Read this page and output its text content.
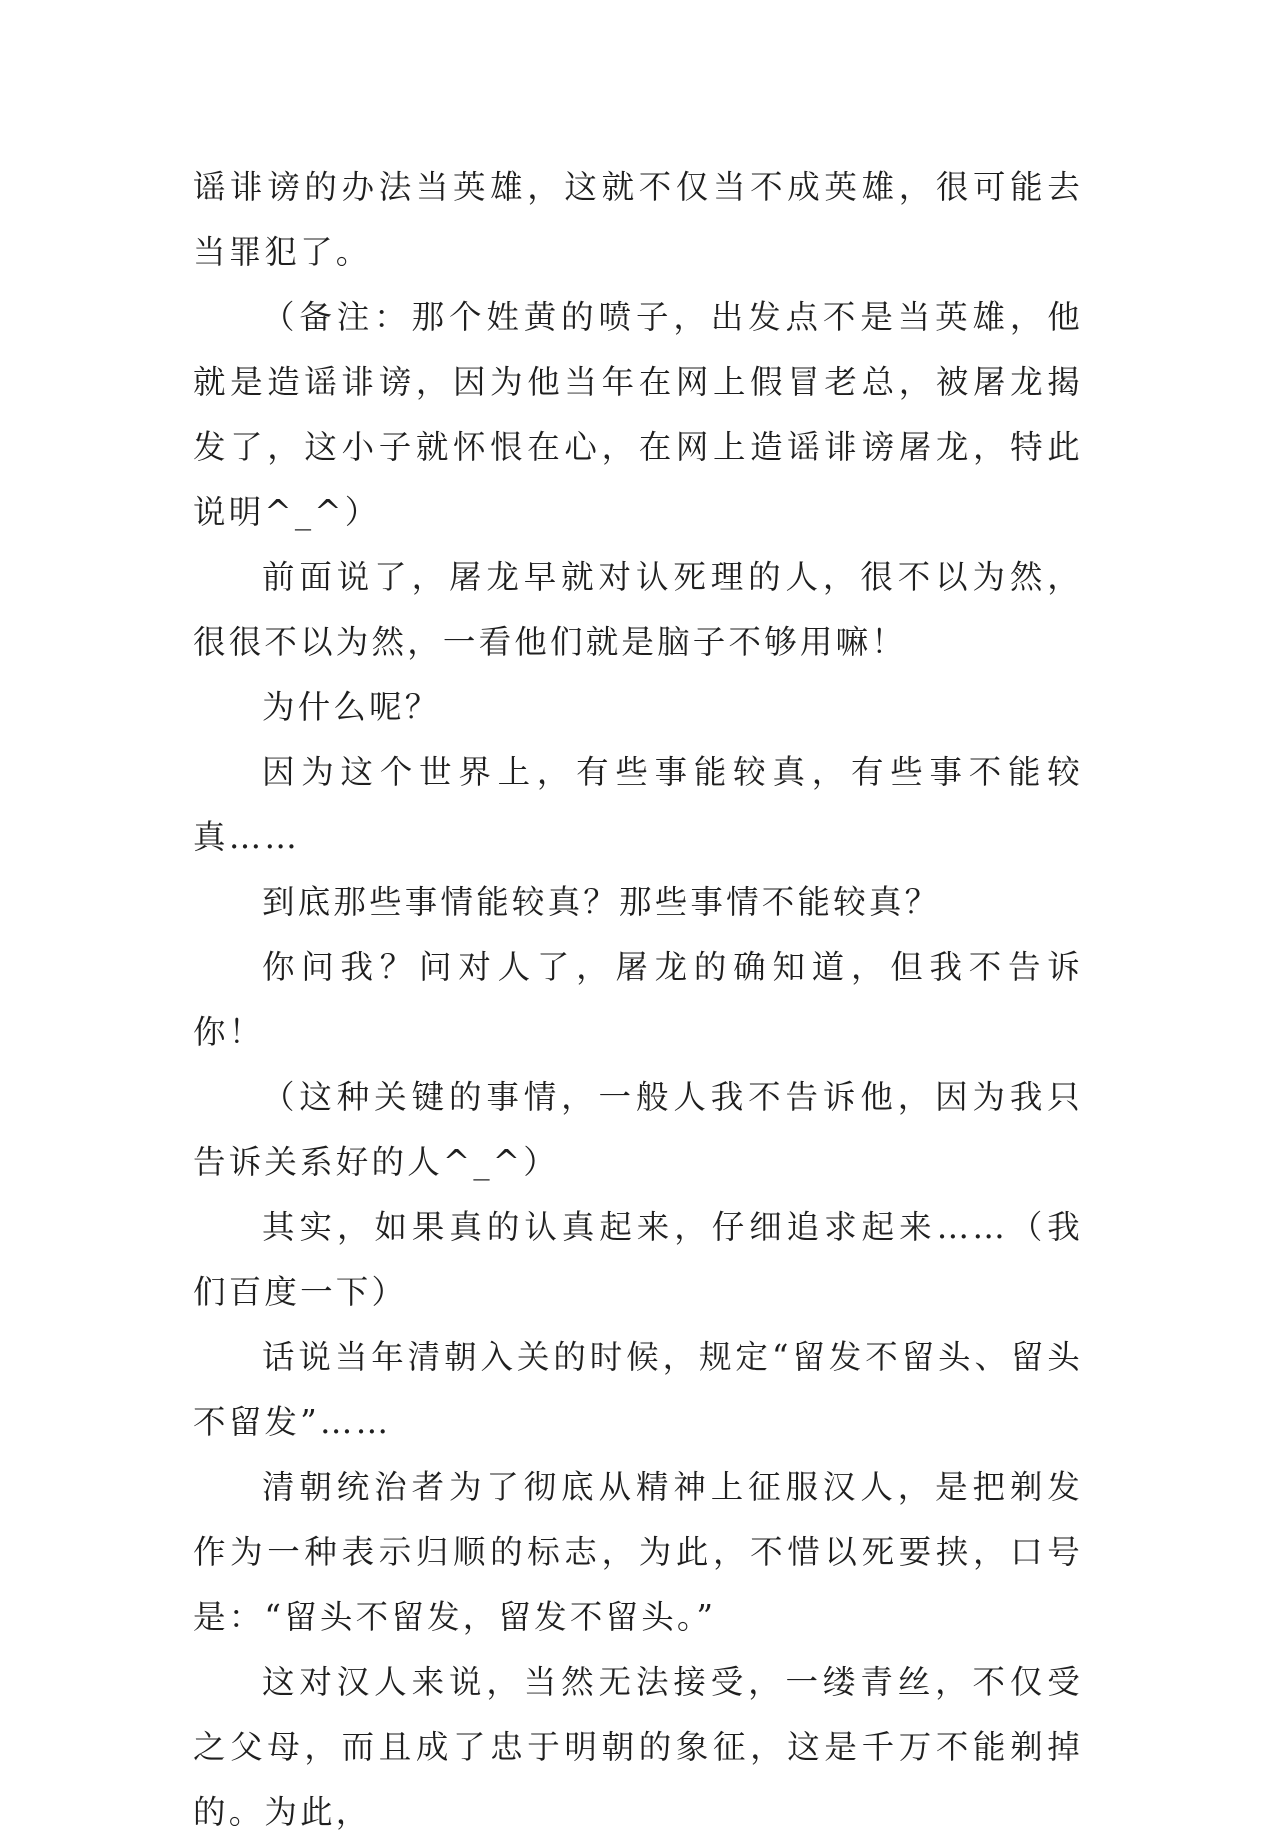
谣诽谤的办法当英雄，这就不仅当不成英雄，很可能去当罪犯了。

（备注：那个姓黄的喷子，出发点不是当英雄，他就是造谣诽谤，因为他当年在网上假冒老总，被屠龙揭发了，这小子就怀恨在心，在网上造谣诽谤屠龙，特此说明^_^）

前面说了，屠龙早就对认死理的人，很不以为然，很很不以为然，一看他们就是脑子不够用嘛！

为什么呢？

因为这个世界上，有些事能较真，有些事不能较真……

到底那些事情能较真？那些事情不能较真？

你问我？问对人了，屠龙的确知道，但我不告诉你！

（这种关键的事情，一般人我不告诉他，因为我只告诉关系好的人^_^）

其实，如果真的认真起来，仔细追求起来……（我们百度一下）

话说当年清朝入关的时候，规定“留发不留头、留头不留发”……

清朝统治者为了彻底从精神上征服汉人，是把剃发作为一种表示归顺的标志，为此，不惜以死要挟，口号是：“留头不留发，留发不留头。”

这对汉人来说，当然无法接受，一缕青丝，不仅受之父母，而且成了忠于明朝的象征，这是千万不能剃掉的。为此，
